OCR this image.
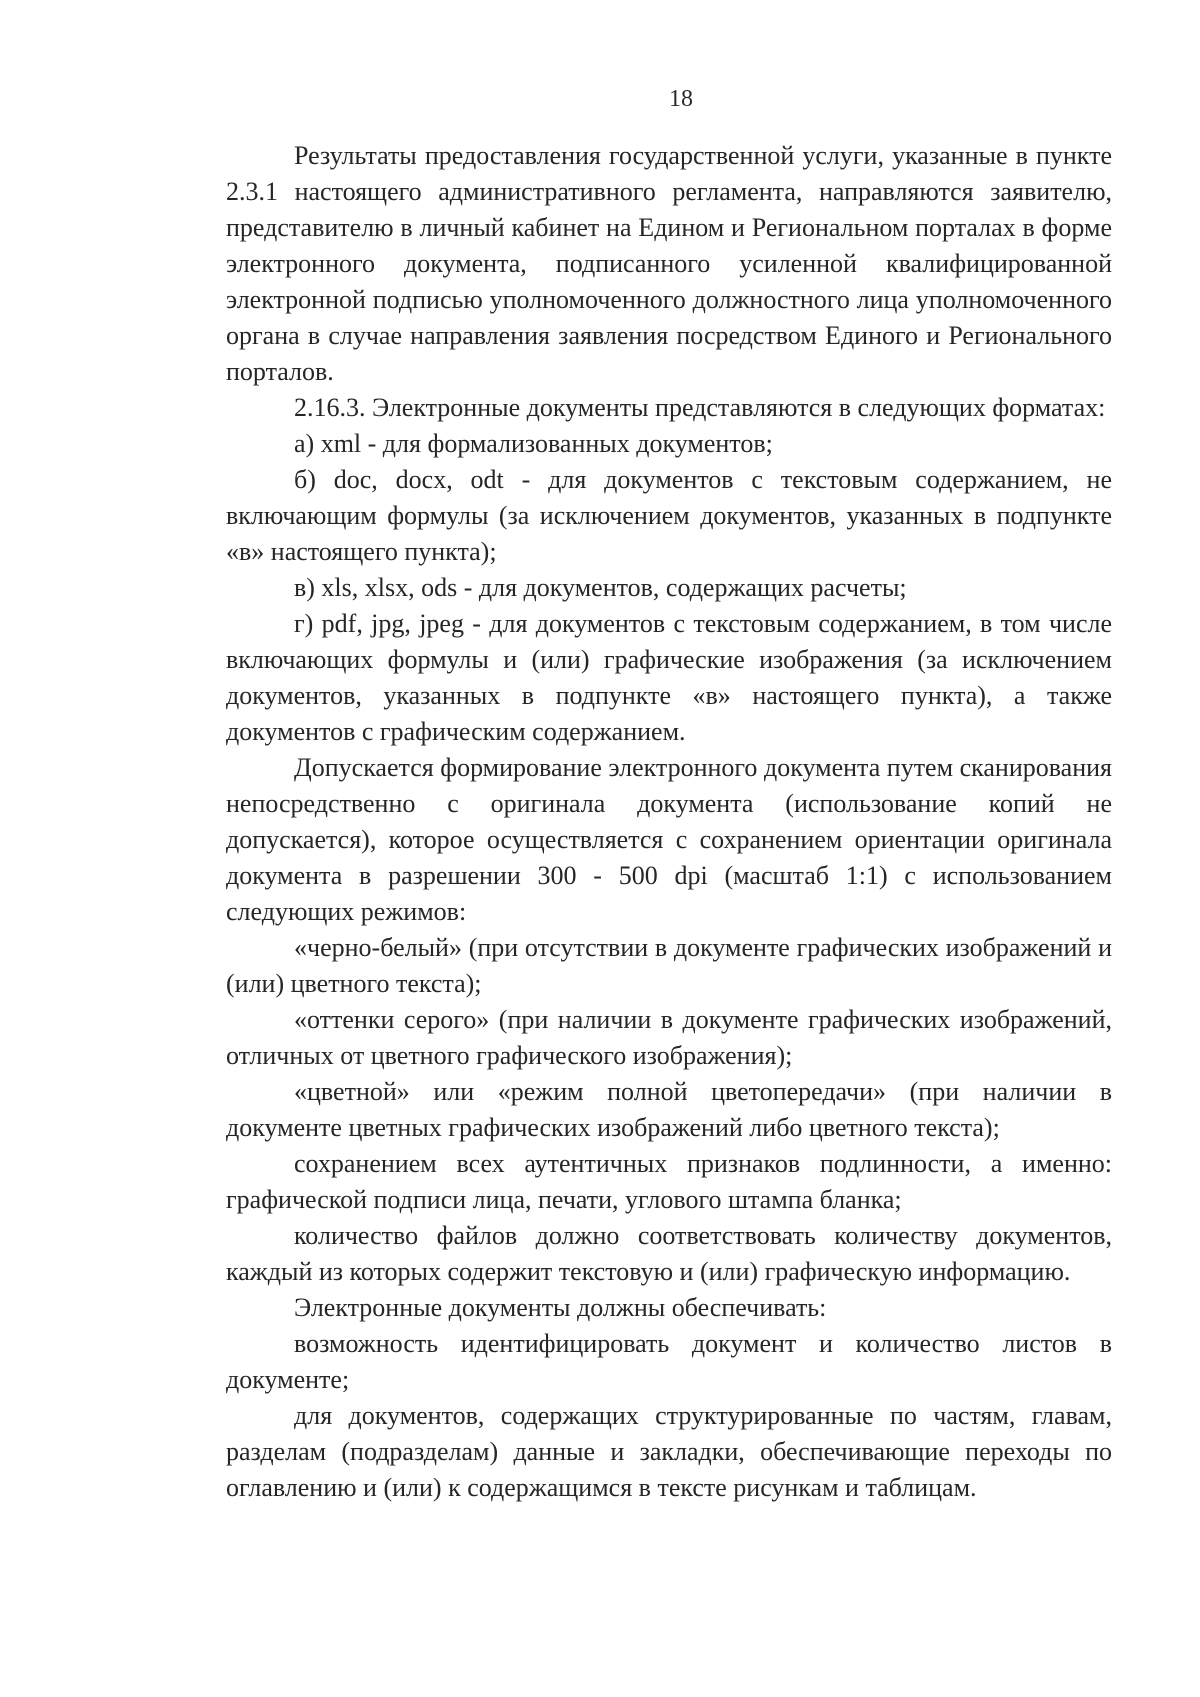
18

Результаты предоставления государственной услуги, указанные в пункте 2.3.1 настоящего административного регламента, направляются заявителю, представителю в личный кабинет на Едином и Региональном порталах в форме электронного документа, подписанного усиленной квалифицированной электронной подписью уполномоченного должностного лица уполномоченного органа в случае направления заявления посредством Единого и Регионального порталов.

2.16.3. Электронные документы представляются в следующих форматах:

а) xml - для формализованных документов;

б) doc, docx, odt - для документов с текстовым содержанием, не включающим формулы (за исключением документов, указанных в подпункте «в» настоящего пункта);

в) xls, xlsx, ods - для документов, содержащих расчеты;

г) pdf, jpg, jpeg - для документов с текстовым содержанием, в том числе включающих формулы и (или) графические изображения (за исключением документов, указанных в подпункте «в» настоящего пункта), а также документов с графическим содержанием.

Допускается формирование электронного документа путем сканирования непосредственно с оригинала документа (использование копий не допускается), которое осуществляется с сохранением ориентации оригинала документа в разрешении 300 - 500 dpi (масштаб 1:1) с использованием следующих режимов:

«черно-белый» (при отсутствии в документе графических изображений и (или) цветного текста);

«оттенки серого» (при наличии в документе графических изображений, отличных от цветного графического изображения);

«цветной» или «режим полной цветопередачи» (при наличии в документе цветных графических изображений либо цветного текста);

сохранением всех аутентичных признаков подлинности, а именно: графической подписи лица, печати, углового штампа бланка;

количество файлов должно соответствовать количеству документов, каждый из которых содержит текстовую и (или) графическую информацию.

Электронные документы должны обеспечивать:

возможность идентифицировать документ и количество листов в документе;

для документов, содержащих структурированные по частям, главам, разделам (подразделам) данные и закладки, обеспечивающие переходы по оглавлению и (или) к содержащимся в тексте рисункам и таблицам.
